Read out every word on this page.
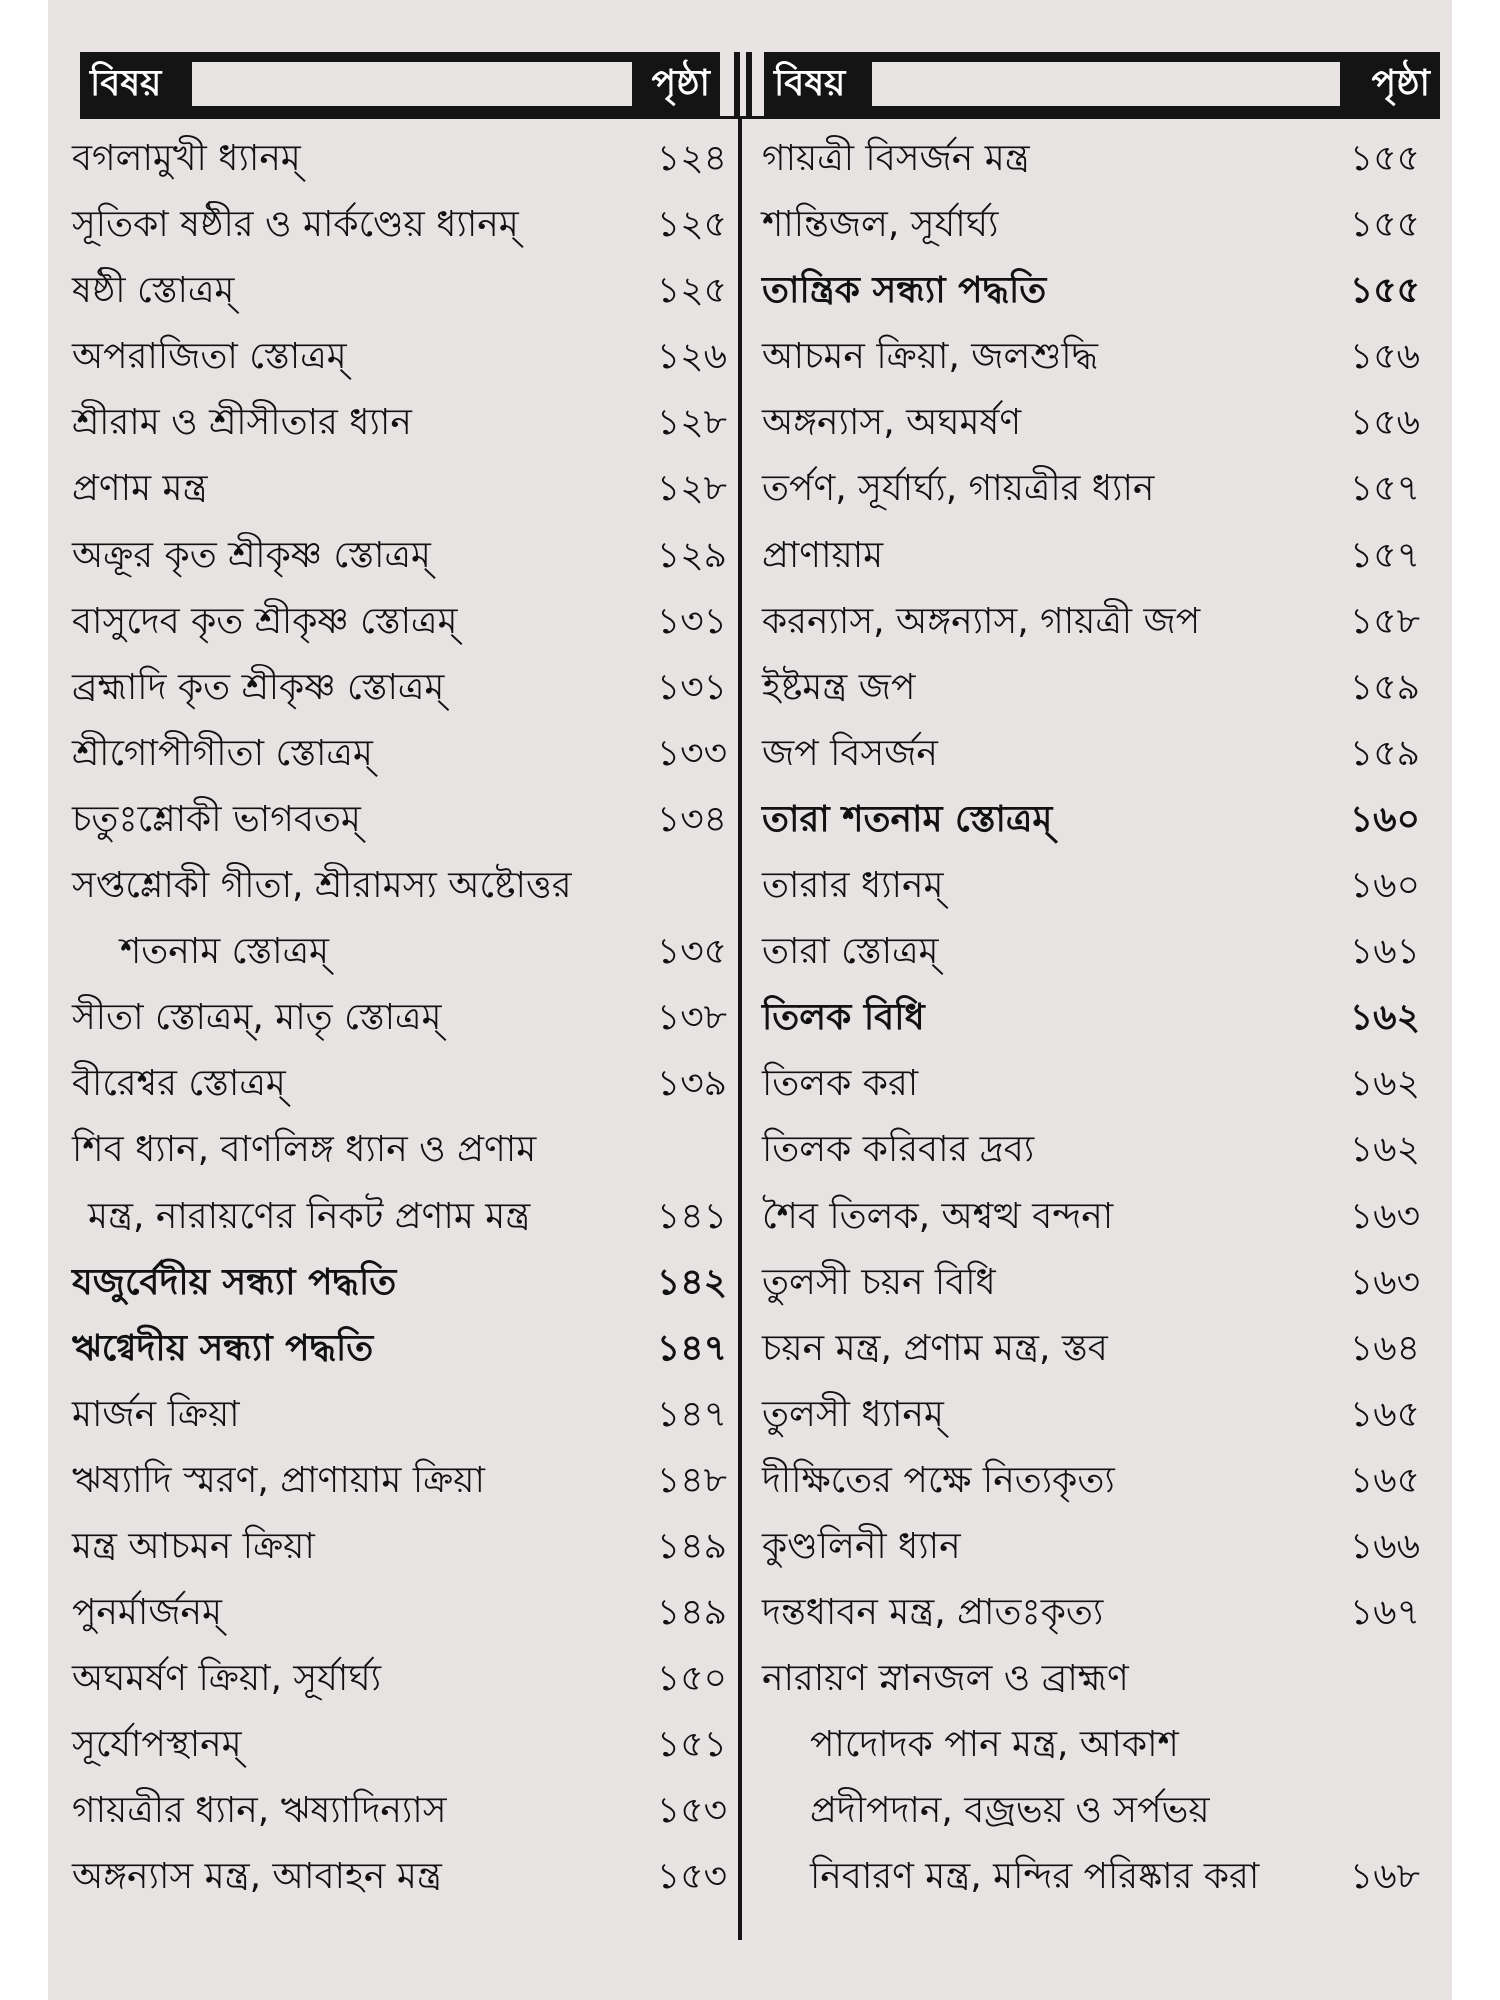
বিষয়	পৃষ্ঠা বিষয়	পৃষ্ঠা
বগলামুখী ধ্যানম্	১২৪
সূতিকা ষষ্ঠীর ও মার্কণ্ডেয় ধ্যানম্	১২৫
ষষ্ঠী স্তোত্রম্	১২৫
অপরাজিতা স্তোত্রম্	১২৬
শ্রীরাম ও শ্রীসীতার ধ্যান	১২৮
প্রণাম মন্ত্র	১২৮
অক্রূর কৃত শ্রীকৃষ্ণ স্তোত্রম্	১২৯
বাসুদেব কৃত শ্রীকৃষ্ণ স্তোত্রম্	১৩১
ব্রহ্মাদি কৃত শ্রীকৃষ্ণ স্তোত্রম্	১৩১
শ্রীগোপীগীতা স্তোত্রম্	১৩৩
চতুঃশ্লোকী ভাগবতম্	১৩৪
সপ্তশ্লোকী গীতা, শ্রীরামস্য অষ্টোত্তর
শতনাম স্তোত্রম্	১৩৫
সীতা স্তোত্রম্, মাতৃ স্তোত্রম্	১৩৮
বীরেশ্বর স্তোত্রম্	১৩৯
শিব ধ্যান, বাণলিঙ্গ ধ্যান ও প্রণাম
মন্ত্র, নারায়ণের নিকট প্রণাম মন্ত্র	১৪১
যজুর্বেদীয় সন্ধ্যা পদ্ধতি	১৪২
ঋগ্বেদীয় সন্ধ্যা পদ্ধতি	১৪৭
মার্জন ক্রিয়া	১৪৭
ঋষ্যাদি স্মরণ, প্রাণায়াম ক্রিয়া	১৪৮
মন্ত্র আচমন ক্রিয়া	১৪৯
পুনর্মার্জনম্	১৪৯
অঘমর্ষণ ক্রিয়া, সূর্যার্ঘ্য	১৫০
সূর্যোপস্থানম্	১৫১
গায়ত্রীর ধ্যান, ঋষ্যাদিন্যাস	১৫৩
অঙ্গন্যাস মন্ত্র, আবাহন মন্ত্র	১৫৩
গায়ত্রী বিসর্জন মন্ত্র	১৫৫
শান্তিজল, সূর্যার্ঘ্য	১৫৫
তান্ত্রিক সন্ধ্যা পদ্ধতি	১৫৫
আচমন ক্রিয়া, জলশুদ্ধি	১৫৬
অঙ্গন্যাস, অঘমর্ষণ	১৫৬
তর্পণ, সূর্যার্ঘ্য, গায়ত্রীর ধ্যান	১৫৭
প্রাণায়াম	১৫৭
করন্যাস, অঙ্গন্যাস, গায়ত্রী জপ	১৫৮
ইষ্টমন্ত্র জপ	১৫৯
জপ বিসর্জন	১৫৯
তারা শতনাম স্তোত্রম্	১৬০
তারার ধ্যানম্	১৬০
তারা স্তোত্রম্	১৬১
তিলক বিধি	১৬২
তিলক করা	১৬২
তিলক করিবার দ্রব্য	১৬২
শৈব তিলক, অশ্বত্থ বন্দনা	১৬৩
তুলসী চয়ন বিধি	১৬৩
চয়ন মন্ত্র, প্রণাম মন্ত্র, স্তব	১৬৪
তুলসী ধ্যানম্	১৬৫
দীক্ষিতের পক্ষে নিত্যকৃত্য	১৬৫
কুণ্ডলিনী ধ্যান	১৬৬
দন্তধাবন মন্ত্র, প্রাতঃকৃত্য	১৬৭
নারায়ণ স্নানজল ও ব্রাহ্মণ
পাদোদক পান মন্ত্র, আকাশ
প্রদীপদান, বজ্রভয় ও সর্পভয়
নিবারণ মন্ত্র, মন্দির পরিষ্কার করা	১৬৮
